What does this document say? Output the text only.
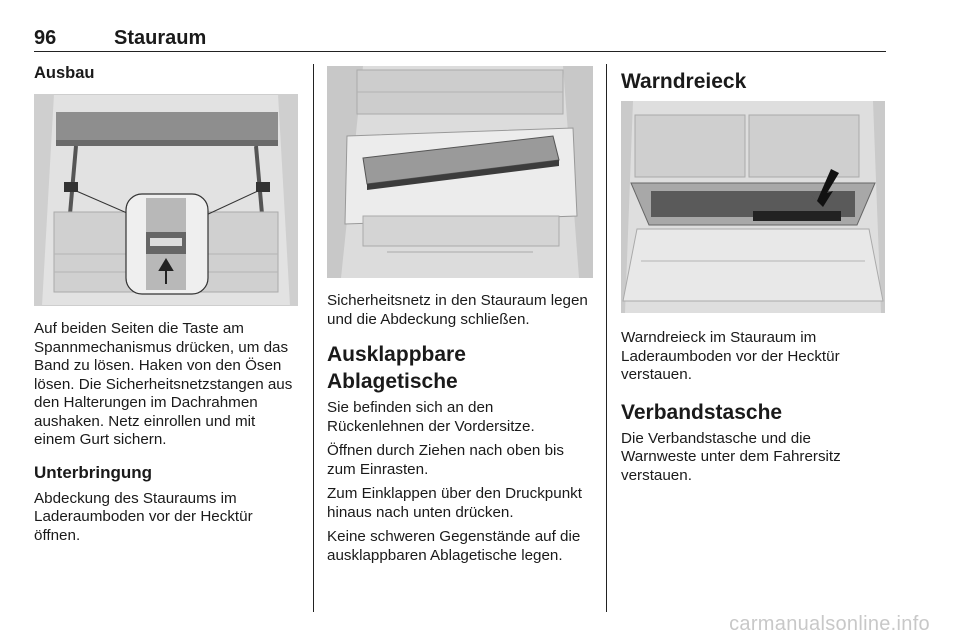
96	Stauraum
Ausbau

Auf beiden Seiten die Taste am Spannmechanismus drücken, um das Band zu lösen. Haken von den Ösen lösen. Die Sicherheitsnetzstangen aus den Halterungen im Dachrahmen aushaken. Netz einrollen und mit einem Gurt sichern.

Unterbringung

Abdeckung des Stauraums im Laderaumboden vor der Hecktür öffnen.

Sicherheitsnetz in den Stauraum legen und die Abdeckung schließen.

Ausklappbare Ablagetische

Sie befinden sich an den Rückenlehnen der Vordersitze.

Öffnen durch Ziehen nach oben bis zum Einrasten.

Zum Einklappen über den Druckpunkt hinaus nach unten drücken.

Keine schweren Gegenstände auf die ausklappbaren Ablagetische legen.

Warndreieck

Warndreieck im Stauraum im Laderaumboden vor der Hecktür verstauen.

Verbandstasche

Die Verbandstasche und die Warnweste unter dem Fahrersitz verstauen.

carmanualsonline.info
